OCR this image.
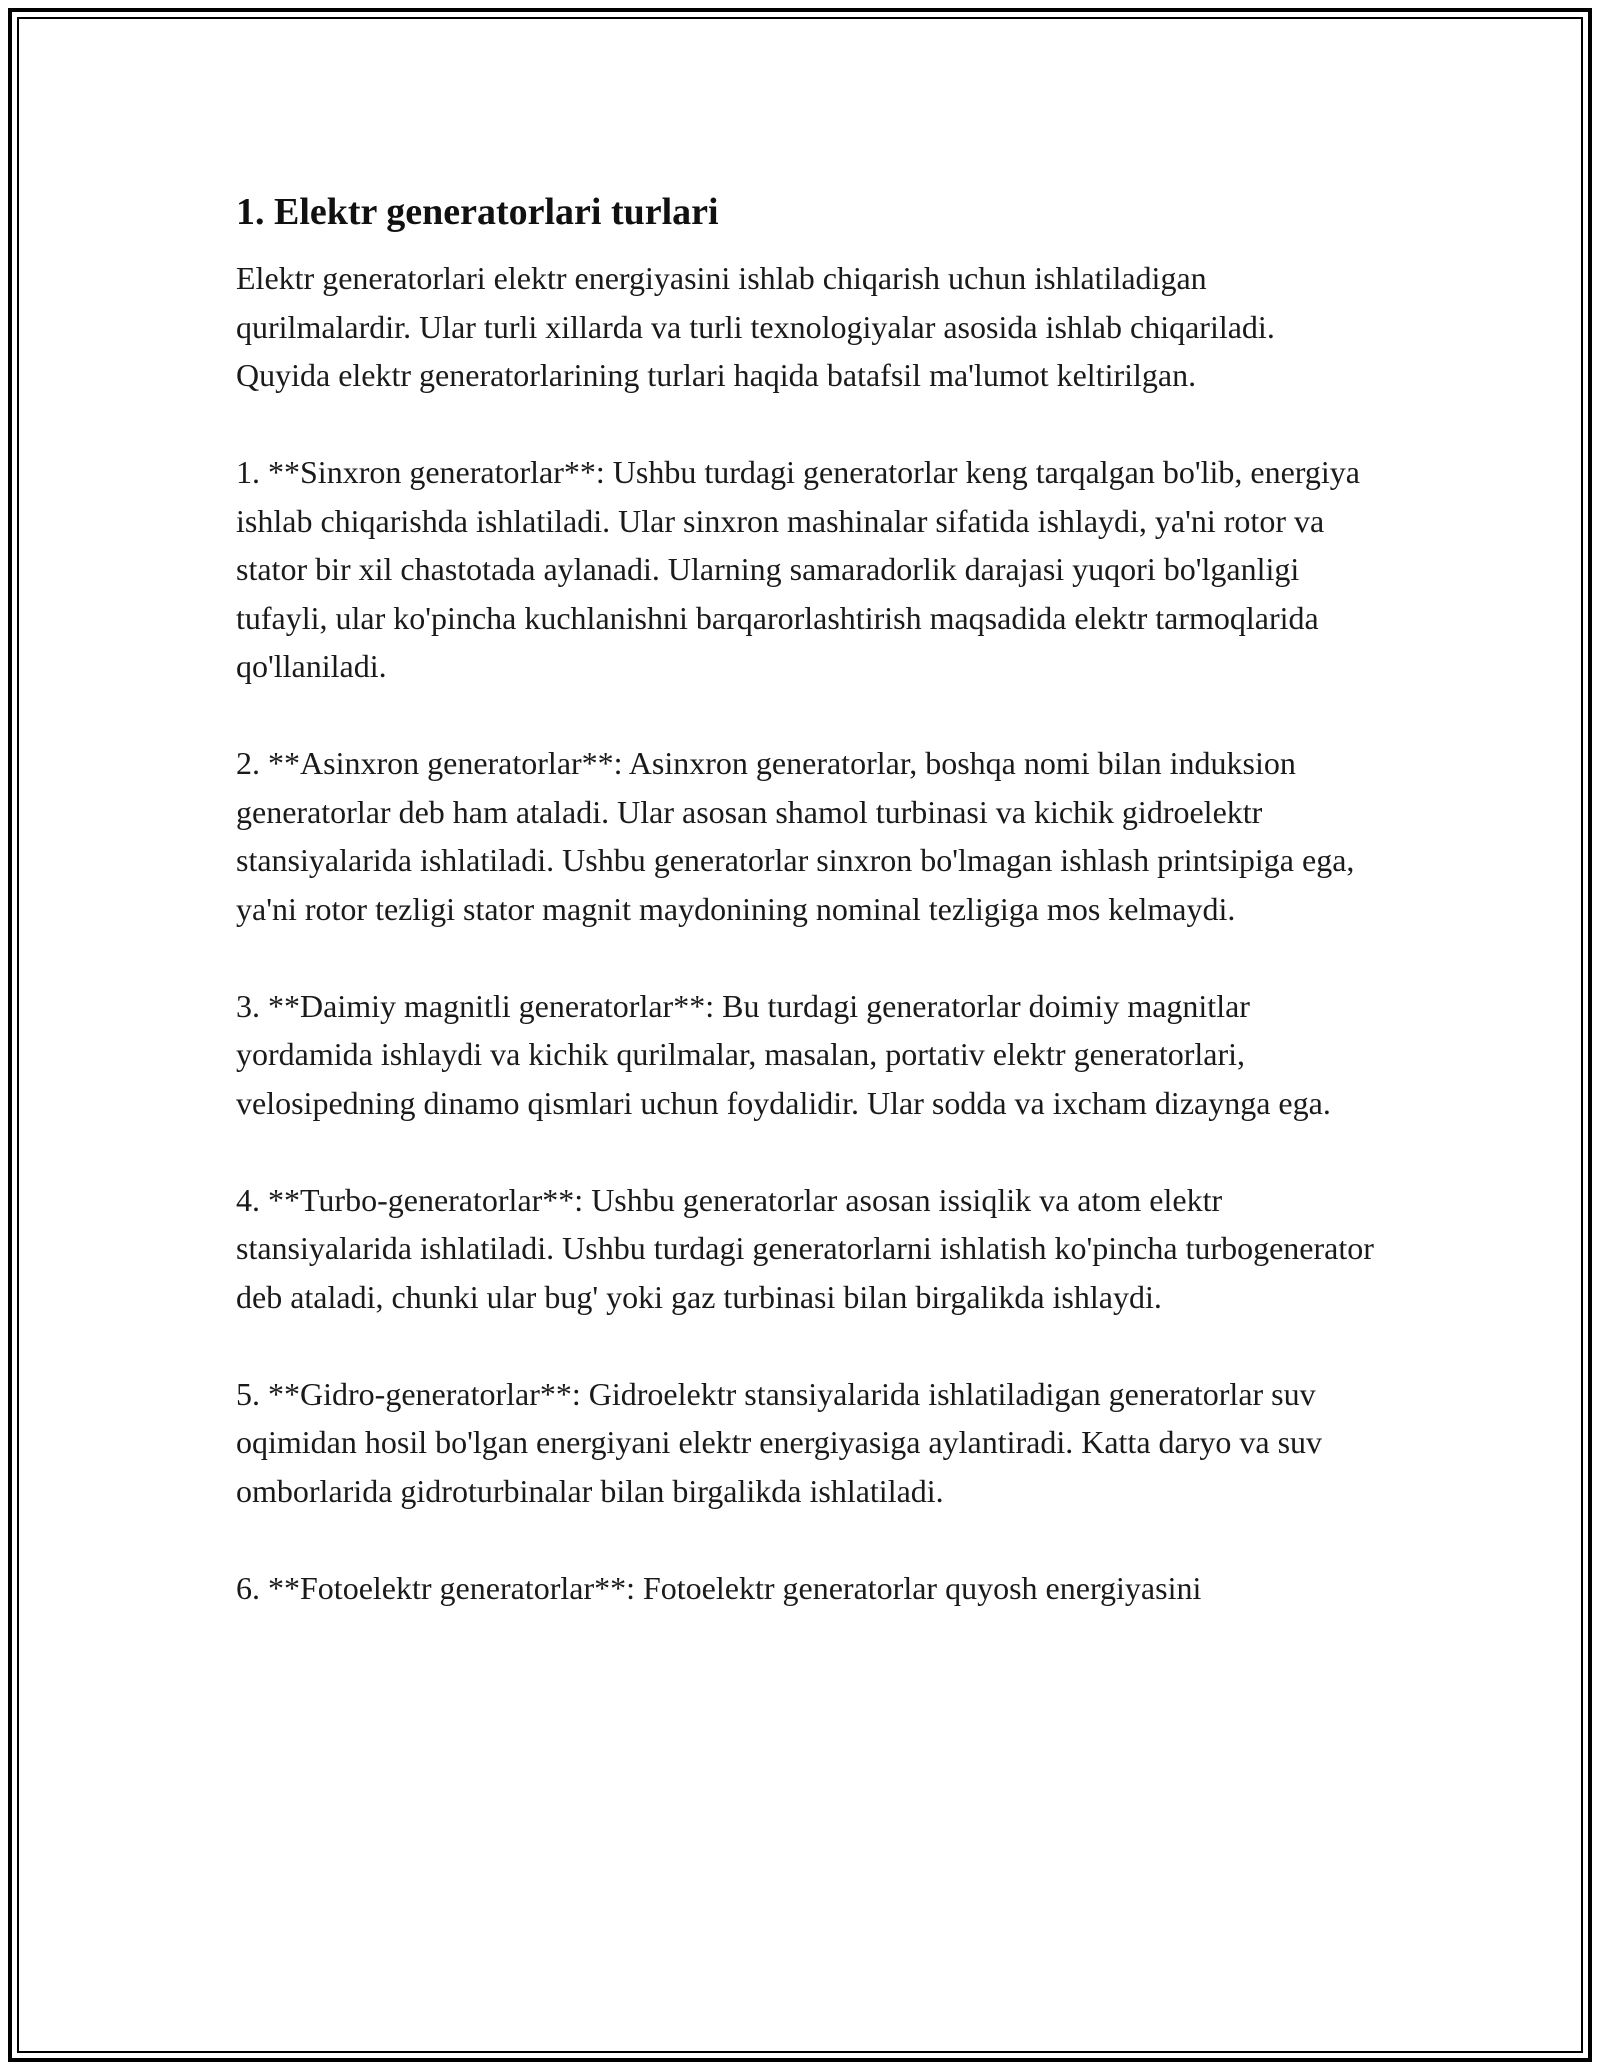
1. Elektr generatorlari turlari

Elektr generatorlari elektr energiyasini ishlab chiqarish uchun ishlatiladigan qurilmalardir. Ular turli xillarda va turli texnologiyalar asosida ishlab chiqariladi. Quyida elektr generatorlarining turlari haqida batafsil ma'lumot keltirilgan.

1. **Sinxron generatorlar**: Ushbu turdagi generatorlar keng tarqalgan bo'lib, energiya ishlab chiqarishda ishlatiladi. Ular sinxron mashinalar sifatida ishlaydi, ya'ni rotor va stator bir xil chastotada aylanadi. Ularning samaradorlik darajasi yuqori bo'lganligi tufayli, ular ko'pincha kuchlanishni barqarorlashtirish maqsadida elektr tarmoqlarida qo'llaniladi.

2. **Asinxron generatorlar**: Asinxron generatorlar, boshqa nomi bilan induksion generatorlar deb ham ataladi. Ular asosan shamol turbinasi va kichik gidroelektr stansiyalarida ishlatiladi. Ushbu generatorlar sinxron bo'lmagan ishlash printsipiga ega, ya'ni rotor tezligi stator magnit maydonining nominal tezligiga mos kelmaydi.

3. **Daimiy magnitli generatorlar**: Bu turdagi generatorlar doimiy magnitlar yordamida ishlaydi va kichik qurilmalar, masalan, portativ elektr generatorlari, velosipedning dinamo qismlari uchun foydalidir. Ular sodda va ixcham dizaynga ega.

4. **Turbo-generatorlar**: Ushbu generatorlar asosan issiqlik va atom elektr stansiyalarida ishlatiladi. Ushbu turdagi generatorlarni ishlatish ko'pincha turbogenerator deb ataladi, chunki ular bug' yoki gaz turbinasi bilan birgalikda ishlaydi.

5. **Gidro-generatorlar**: Gidroelektr stansiyalarida ishlatiladigan generatorlar suv oqimidan hosil bo'lgan energiyani elektr energiyasiga aylantiradi. Katta daryo va suv omborlarida gidroturbinalar bilan birgalikda ishlatiladi.

6. **Fotoelektr generatorlar**: Fotoelektr generatorlar quyosh energiyasini
